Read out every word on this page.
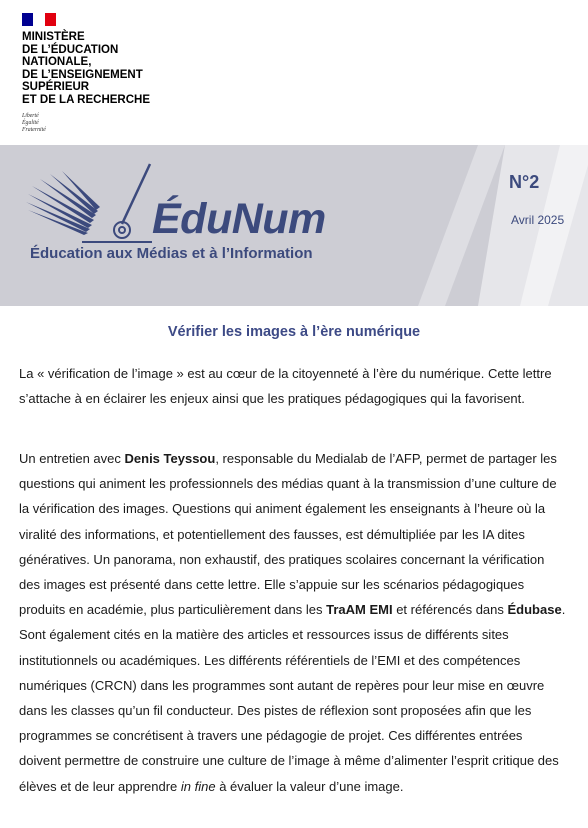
MINISTÈRE
DE L’ÉDUCATION
NATIONALE,
DE L’ENSEIGNEMENT
SUPÉRIEUR
ET DE LA RECHERCHE
Liberté
Égalité
Fraternité
ÉduNum
Éducation aux Médias et à l’Information
N°2
Avril 2025
Vérifier les images à l’ère numérique

La « vérification de l’image » est au cœur de la citoyenneté à l’ère du numérique. Cette lettre s’attache à en éclairer les enjeux ainsi que les pratiques pédagogiques qui la favorisent.

Un entretien avec Denis Teyssou, responsable du Medialab de l’AFP, permet de partager les questions qui animent les professionnels des médias quant à la transmission d’une culture de la vérification des images. Questions qui animent également les enseignants à l’heure où la viralité des informations, et potentiellement des fausses, est démultipliée par les IA dites génératives. Un panorama, non exhaustif, des pratiques scolaires concernant la vérification des images est présenté dans cette lettre. Elle s’appuie sur les scénarios pédagogiques produits en académie, plus particulièrement dans les TraAM EMI et référencés dans Édubase. Sont également cités en la matière des articles et ressources issus de différents sites institutionnels ou académiques. Les différents référentiels de l’EMI et des compétences numériques (CRCN) dans les programmes sont autant de repères pour leur mise en œuvre dans les classes qu’un fil conducteur. Des pistes de réflexion sont proposées afin que les programmes se concrétisent à travers une pédagogie de projet. Ces différentes entrées doivent permettre de construire une culture de l’image à même d’alimenter l’esprit critique des élèves et de leur apprendre in fine à évaluer la valeur d’une image.
